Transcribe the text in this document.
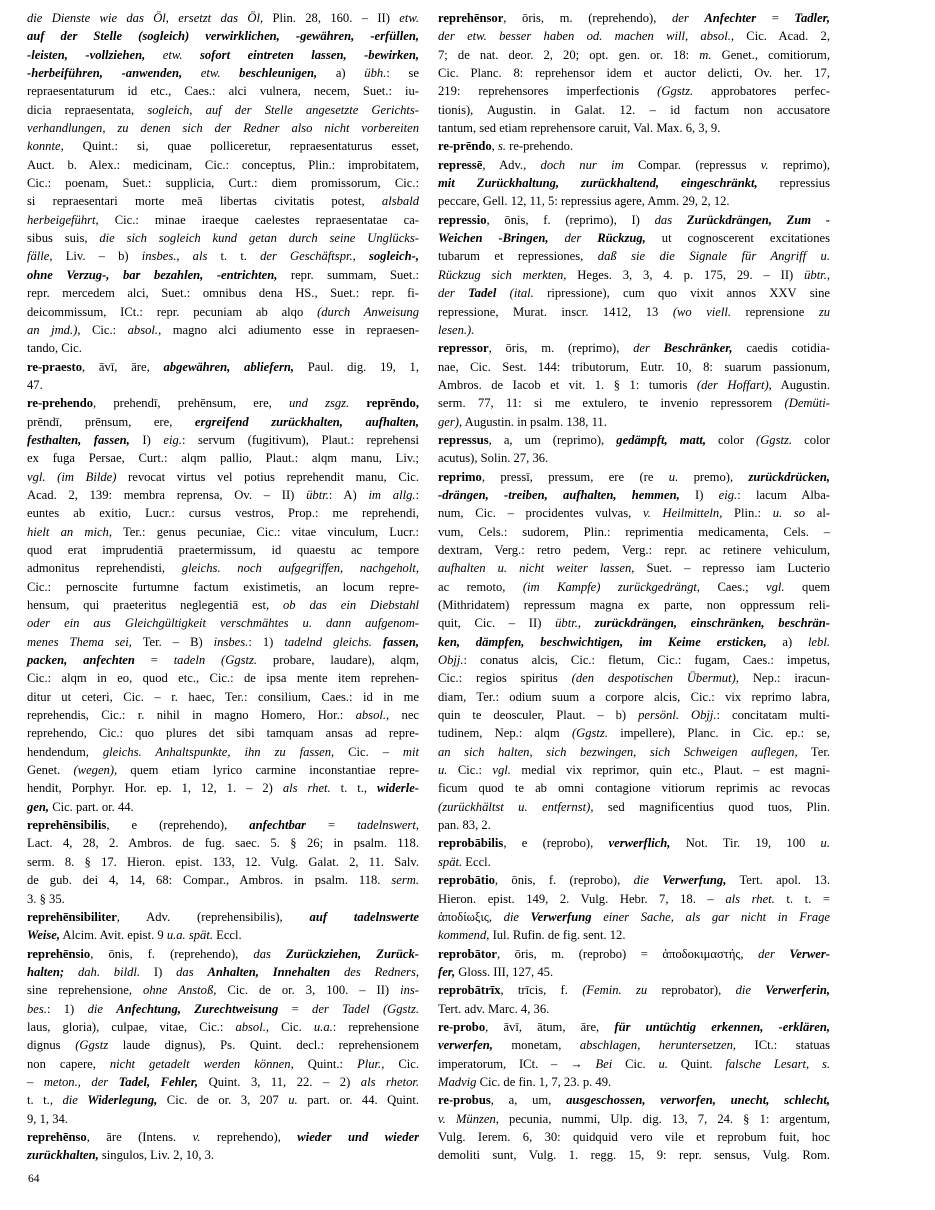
die Dienste wie das Öl, ersetzt das Öl, Plin. 28, 160. – II) etw.
auf der Stelle (sogleich) verwirklichen, -gewähren, -erfüllen,
-leisten, -vollziehen, etw. sofort eintreten lassen, -bewirken,
-herbeiführen, -anwenden, etw. beschleunigen, a) übh.: se
repraesentaturum id etc., Caes.: alci vulnera, necem, Suet.: iu-
dicia repraesentata, sogleich, auf der Stelle angesetzte Gerichts-
verhandlungen, zu denen sich der Redner also nicht vorbereiten
konnte, Quint.: si, quae polliceretur, repraesentaturus esset,
Auct. b. Alex.: medicinam, Cic.: conceptus, Plin.: improbitatem,
Cic.: poenam, Suet.: supplicia, Curt.: diem promissorum, Cic.:
si repraesentari morte meā libertas civitatis potest, alsbald
herbeigeführt, Cic.: minae iraeque caelestes repraesentatae ca-
sibus suis, die sich sogleich kund getan durch seine Unglücks-
fälle, Liv. – b) insbes., als t. t. der Geschäftspr., sogleich-,
ohne Verzug-, bar bezahlen, -entrichten, repr. summam, Suet.:
repr. mercedem alci, Suet.: omnibus dena HS., Suet.: repr. fi-
deicommissum, ICt.: repr. pecuniam ab alqo (durch Anweisung
an jmd.), Cic.: absol., magno alci adiumento esse in repraesen-
tando, Cic.
re-praesto, āvī, āre, abgewähren, abliefern, Paul. dig. 19, 1,
47.
re-prehendo, prehendī, prehēnsum, ere, und zsgz. reprēndo,
prēndī, prēnsum, ere, ergreifend zurückhalten, aufhalten,
festhalten, fassen, I) eig.: servum (fugitivum), Plaut.: reprehensi
ex fuga Persae, Curt.: alqm pallio, Plaut.: alqm manu, Liv.;
vgl. (im Bilde) revocat virtus vel potius reprehendit manu, Cic.
Acad. 2, 139: membra reprensa, Ov. – II) übtr.: A) im allg.:
euntes ab exitio, Lucr.: cursus vestros, Prop.: me reprehendi,
hielt an mich, Ter.: genus pecuniae, Cic.: vitae vinculum, Lucr.:
quod erat imprudentiā praetermissum, id quaestu ac tempore
admonitus reprehendisti, gleichs. noch aufgegriffen, nachgeholt,
Cic.: pernoscite furtumne factum existimetis, an locum repre-
hensum, qui praeteritus neglegentiā est, ob das ein Diebstahl
oder ein aus Gleichgültigkeit verschmähtes u. dann aufgenom-
menes Thema sei, Ter. – B) insbes.: 1) tadelnd gleichs. fassen,
packen, anfechten = tadeln (Ggstz. probare, laudare), alqm,
Cic.: alqm in eo, quod etc., Cic.: de ipsa mente item reprehen-
ditur ut ceteri, Cic. – r. haec, Ter.: consilium, Caes.: id in me
reprehendis, Cic.: r. nihil in magno Homero, Hor.: absol., nec
reprehendo, Cic.: quo plures det sibi tamquam ansas ad repre-
hendendum, gleichs. Anhaltspunkte, ihn zu fassen, Cic. – mit
Genet. (wegen), quem etiam lyrico carmine inconstantiae repre-
hendit, Porphyr. Hor. ep. 1, 12, 1. – 2) als rhet. t. t., widerle-
gen, Cic. part. or. 44.
reprehēnsibilis, e (reprehendo), anfechtbar = tadelnswert,
Lact. 4, 28, 2. Ambros. de fug. saec. 5. § 26; in psalm. 118.
serm. 8. § 17. Hieron. epist. 133, 12. Vulg. Galat. 2, 11. Salv.
de gub. dei 4, 14, 68: Compar., Ambros. in psalm. 118. serm.
3. § 35.
reprehēnsibiliter, Adv. (reprehensibilis), auf tadelnswerte
Weise, Alcim. Avit. epist. 9 u.a. spät. Eccl.
reprehēnsio, ōnis, f. (reprehendo), das Zurückziehen, Zurück-
halten; dah. bildl. I) das Anhalten, Innehalten des Redners,
sine reprehensione, ohne Anstoß, Cic. de or. 3, 100. – II) ins-
bes.: 1) die Anfechtung, Zurechtweisung = der Tadel (Ggstz.
laus, gloria), culpae, vitae, Cic.: absol., Cic. u.a.: reprehensione
dignus (Ggstz laude dignus), Ps. Quint. decl.: reprehensionem
non capere, nicht getadelt werden können, Quint.: Plur., Cic.
– meton., der Tadel, Fehler, Quint. 3, 11, 22. – 2) als rhetor.
t. t., die Widerlegung, Cic. de or. 3, 207 u. part. or. 44. Quint.
9, 1, 34.
reprehēnso, āre (Intens. v. reprehendo), wieder und wieder
zurückhalten, singulos, Liv. 2, 10, 3.
reprehēnsor, ōris, m. (reprehendo), der Anfechter = Tadler,
der etw. besser haben od. machen will, absol., Cic. Acad. 2,
7; de nat. deor. 2, 20; opt. gen. or. 18: m. Genet., comitiorum,
Cic. Planc. 8: reprehensor idem et auctor delicti, Ov. her. 17,
219: reprehensores imperfectionis (Ggstz. approbatores perfec-
tionis), Augustin. in Galat. 12. – id factum non accusatore
tantum, sed etiam reprehensore caruit, Val. Max. 6, 3, 9.
re-prēndo, s. re-prehendo.
repressē, Adv., doch nur im Compar. (repressus v. reprimo),
mit Zurückhaltung, zurückhaltend, eingeschränkt, repressius
peccare, Gell. 12, 11, 5: repressius agere, Amm. 29, 2, 12.
repressio, ōnis, f. (reprimo), I) das Zurückdrängen, Zum -
Weichen -Bringen, der Rückzug, ut cognoscerent excitationes
tubarum et repressiones, daß sie die Signale für Angriff u.
Rückzug sich merkten, Heges. 3, 3, 4. p. 175, 29. – II) übtr.,
der Tadel (ital. ripressione), cum quo vixit annos XXV sine
repressione, Murat. inscr. 1412, 13 (wo viell. reprensione zu
lesen.).
repressor, ōris, m. (reprimo), der Beschränker, caedis cotidia-
nae, Cic. Sest. 144: tributorum, Eutr. 10, 8: suarum passionum,
Ambros. de Iacob et vit. 1. § 1: tumoris (der Hoffart), Augustin.
serm. 77, 11: si me extulero, te invenio repressorem (Demüti-
ger), Augustin. in psalm. 138, 11.
repressus, a, um (reprimo), gedämpft, matt, color (Ggstz. color
acutus), Solin. 27, 36.
reprimo, pressī, pressum, ere (re u. premo), zurückdrücken,
-drängen, -treiben, aufhalten, hemmen, I) eig.: lacum Alba-
num, Cic. – procidentes vulvas, v. Heilmitteln, Plin.: u. so al-
vum, Cels.: sudorem, Plin.: reprimentia medicamenta, Cels. –
dextram, Verg.: retro pedem, Verg.: repr. ac retinere vehiculum,
aufhalten u. nicht weiter lassen, Suet. – represso iam Lucterio
ac remoto, (im Kampfe) zurückgedrängt, Caes.; vgl. quem
(Mithridatem) repressum magna ex parte, non oppressum reli-
quit, Cic. – II) übtr., zurückdrängen, einschränken, beschrän-
ken, dämpfen, beschwichtigen, im Keime ersticken, a) lebl.
Objj.: conatus alcis, Cic.: fletum, Cic.: fugam, Caes.: impetus,
Cic.: regios spiritus (den despotischen Übermut), Nep.: iracun-
diam, Ter.: odium suum a corpore alcis, Cic.: vix reprimo labra,
quin te deosculer, Plaut. – b) persönl. Objj.: concitatam multi-
tudinem, Nep.: alqm (Ggstz. impellere), Planc. in Cic. ep.: se,
an sich halten, sich bezwingen, sich Schweigen auflegen, Ter.
u. Cic.: vgl. medial vix reprimor, quin etc., Plaut. – est magni-
ficum quod te ab omni contagione vitiorum reprimis ac revocas
(zurückhältst u. entfernst), sed magnificentius quod tuos, Plin.
pan. 83, 2.
reprobābilis, e (reprobo), verwerflich, Not. Tir. 19, 100 u.
spät. Eccl.
reprobātio, ōnis, f. (reprobo), die Verwerfung, Tert. apol. 13.
Hieron. epist. 149, 2. Vulg. Hebr. 7, 18. – als rhet. t. t. =
ἀποδίωξις, die Verwerfung einer Sache, als gar nicht in Frage
kommend, Iul. Rufin. de fig. sent. 12.
reprobātor, ōris, m. (reprobo) = ἀποδοκιμαστής, der Verwer-
fer, Gloss. III, 127, 45.
reprobātrīx, trīcis, f. (Femin. zu reprobator), die Verwerferin,
Tert. adv. Marc. 4, 36.
re-probo, āvī, ātum, āre, für untüchtig erkennen, -erklären,
verwerfen, monetam, abschlagen, heruntersetzen, ICt.: statuas
imperatorum, ICt. – → Bei Cic. u. Quint. falsche Lesart, s.
Madvig Cic. de fin. 1, 7, 23. p. 49.
re-probus, a, um, ausgeschossen, verworfen, unecht, schlecht,
v. Münzen, pecunia, nummi, Ulp. dig. 13, 7, 24. § 1: argentum,
Vulg. Ierem. 6, 30: quidquid vero vile et reprobum fuit, hoc
demoliti sunt, Vulg. 1. regg. 15, 9: repr. sensus, Vulg. Rom.
64
